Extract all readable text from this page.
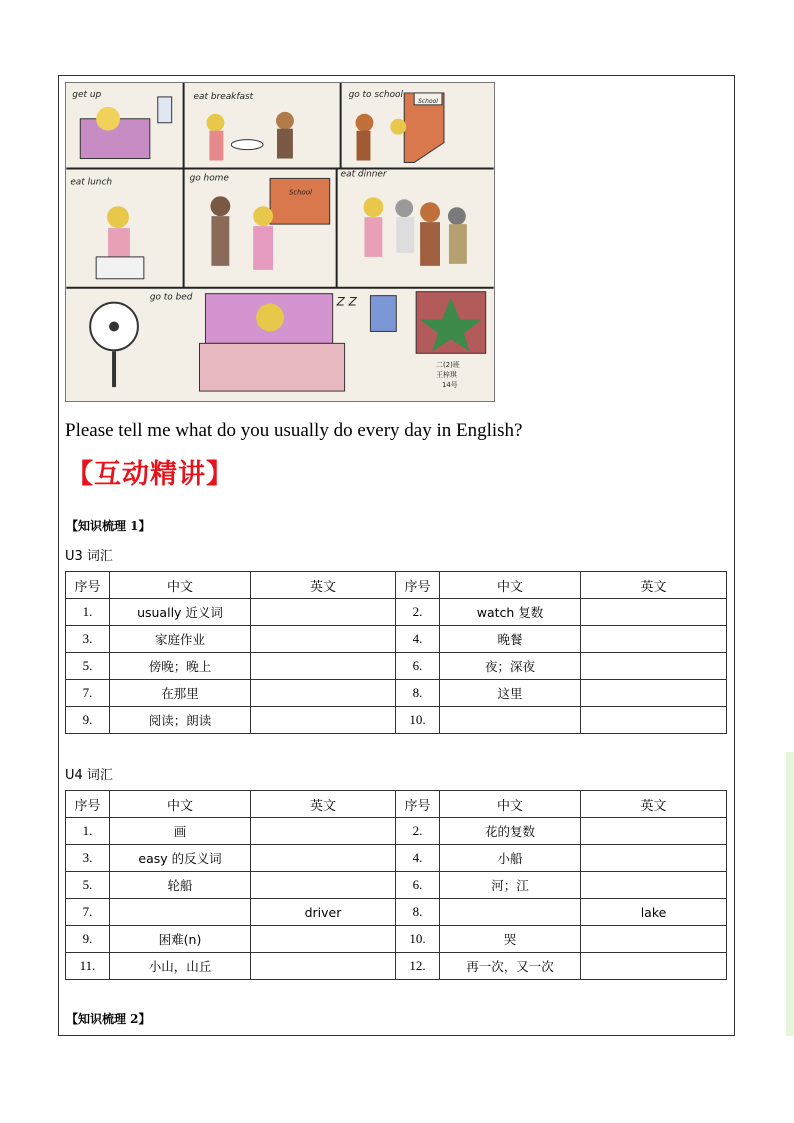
get up	eat breakfast	go to school
School
eat lunch	go home
School
eat dinner
go to bed	Z Z
二(2)班
王梓琪
14号
Please tell me what do you usually do every day in English?
【互动精讲】
【知识梳理 1】
U3 词汇
序号	中文	英文	序号	中文	英文
1.	usually 近义词		2.	watch 复数	
3.	家庭作业		4.	晚餐	
5.	傍晚；晚上		6.	夜；深夜	
7.	在那里		8.	这里	
9.	阅读；朗读		10.		
U4 词汇
序号	中文	英文	序号	中文	英文
1.	画		2.	花的复数	
3.	easy 的反义词		4.	小船	
5.	轮船		6.	河；江	
7.		driver	8.		lake
9.	困难(n)		10.	哭	
11.	小山，山丘		12.	再一次，又一次	
【知识梳理 2】
